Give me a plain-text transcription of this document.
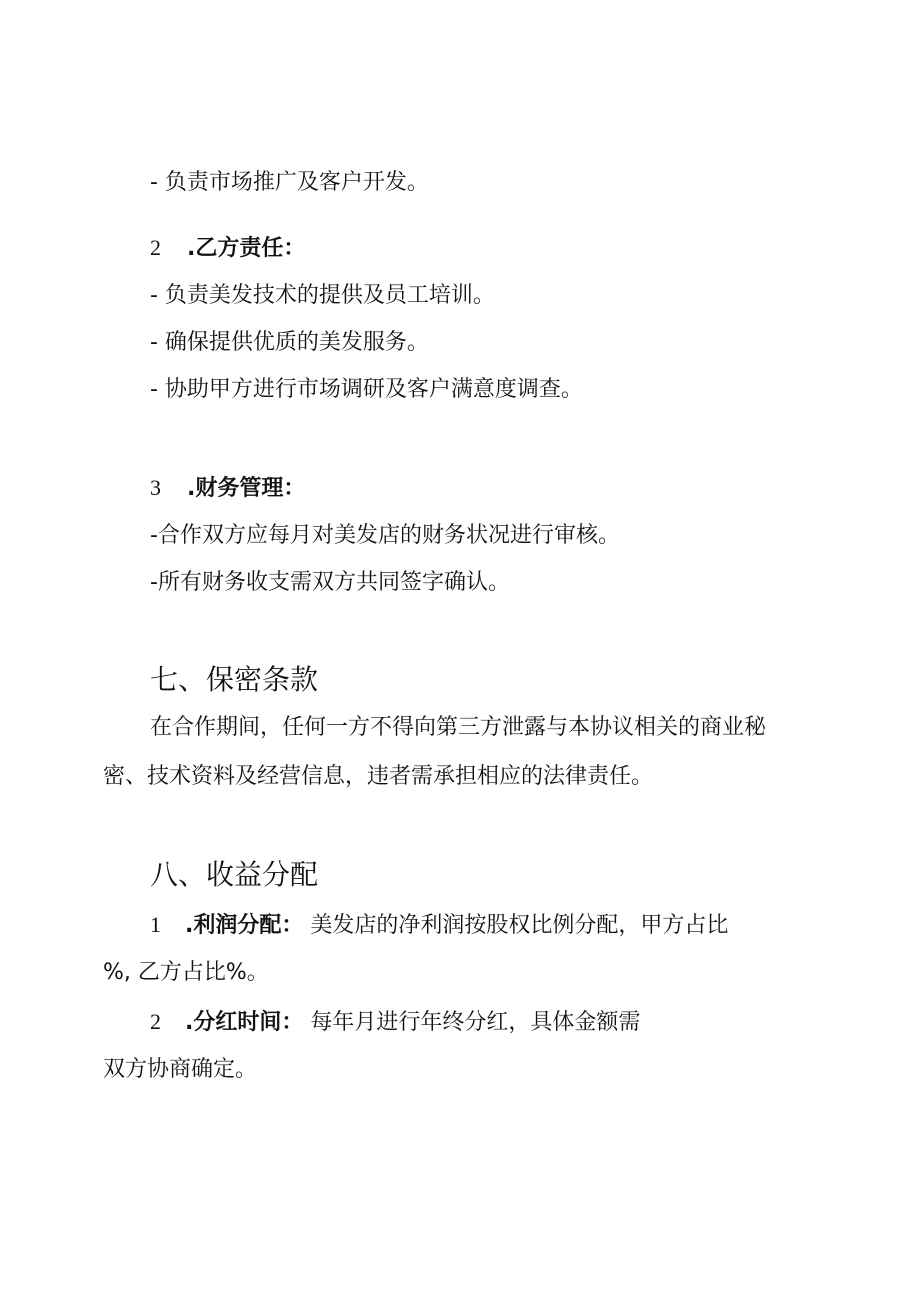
- 负责市场推广及客户开发。
2 .乙方责任：
- 负责美发技术的提供及员工培训。
- 确保提供优质的美发服务。
- 协助甲方进行市场调研及客户满意度调查。
3 .财务管理：
-合作双方应每月对美发店的财务状况进行审核。
-所有财务收支需双方共同签字确认。
七、保密条款
在合作期间，任何一方不得向第三方泄露与本协议相关的商业秘
密、技术资料及经营信息，违者需承担相应的法律责任。
八、收益分配
1 .利润分配： 美发店的净利润按股权比例分配，甲方占比
%, 乙方占比%。
2 .分红时间： 每年月进行年终分红，具体金额需
双方协商确定。
